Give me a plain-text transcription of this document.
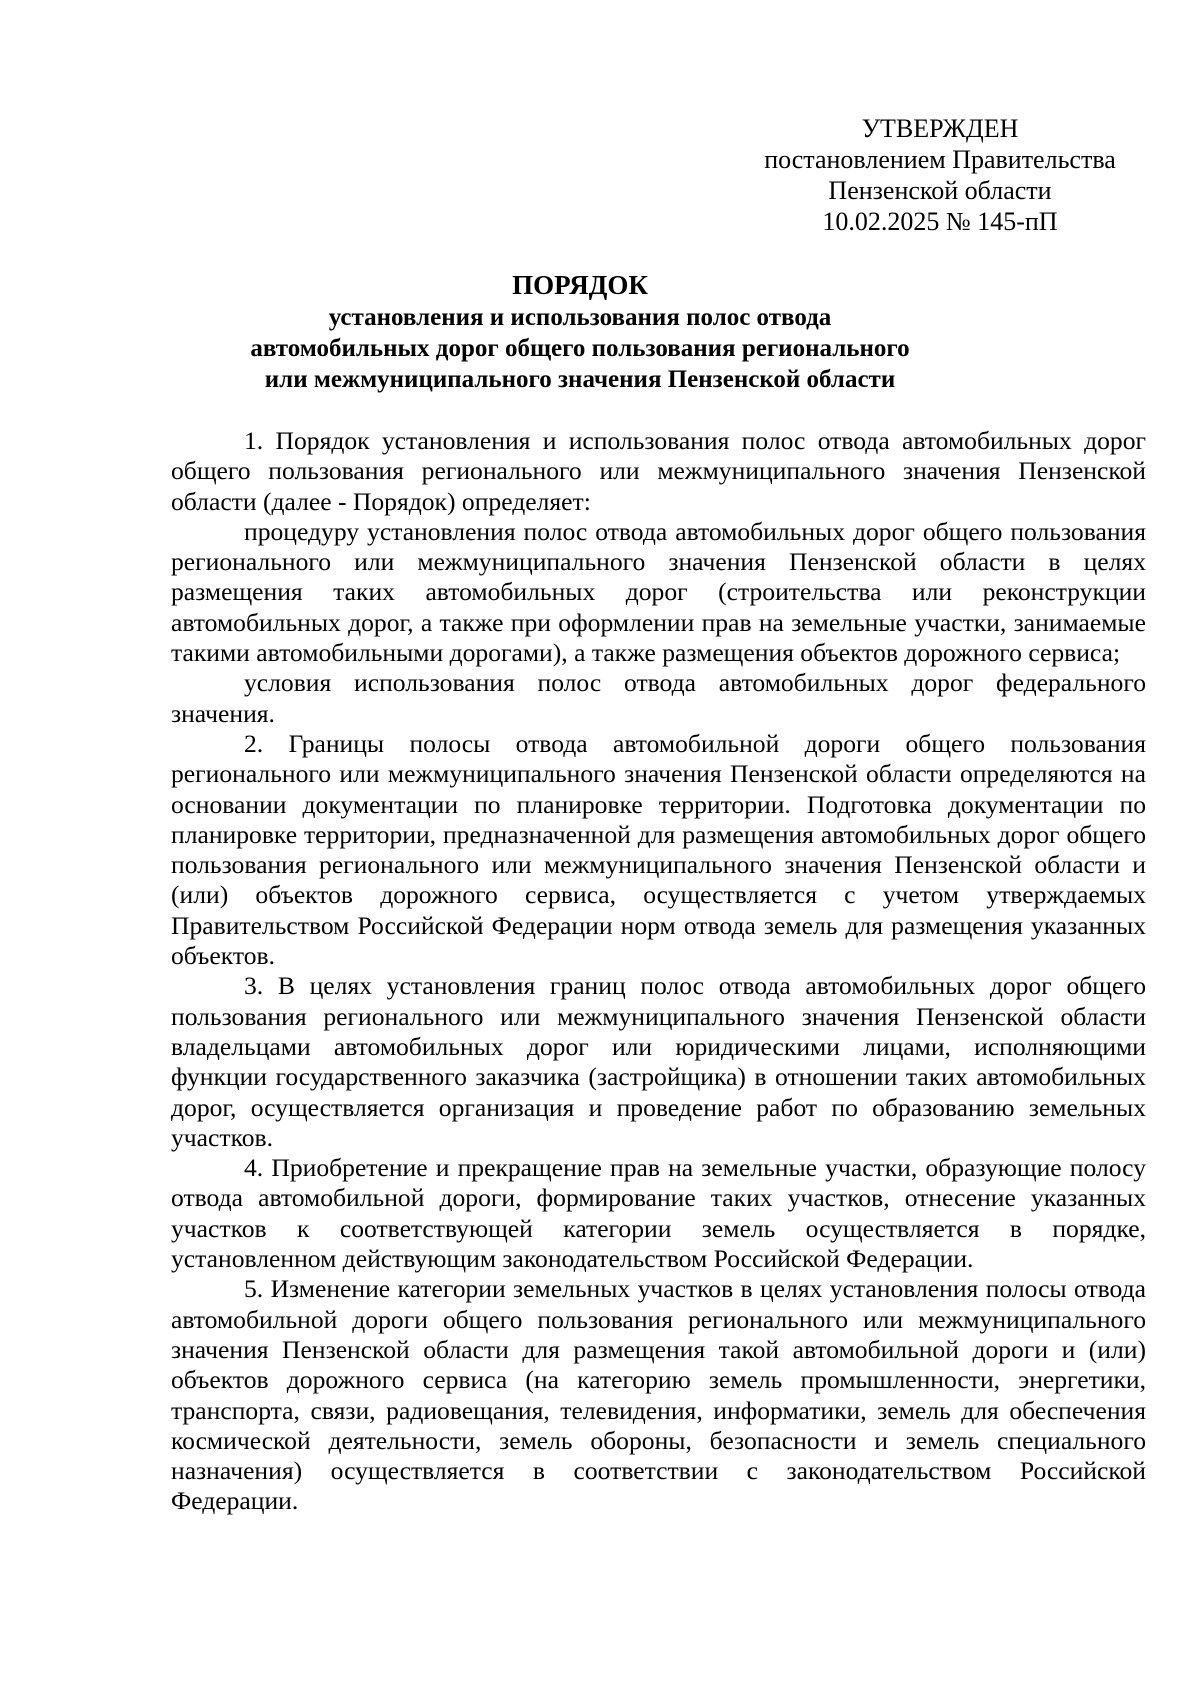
УТВЕРЖДЕН
постановлением Правительства
Пензенской области
10.02.2025 № 145-пП
ПОРЯДОК
установления и использования полос отвода
автомобильных дорог общего пользования регионального
или межмуниципального значения Пензенской области

1. Порядок установления и использования полос отвода автомобильных дорог общего пользования регионального или межмуниципального значения Пензенской области (далее - Порядок) определяет:

процедуру установления полос отвода автомобильных дорог общего пользования регионального или межмуниципального значения Пензенской области в целях размещения таких автомобильных дорог (строительства или реконструкции автомобильных дорог, а также при оформлении прав на земельные участки, занимаемые такими автомобильными дорогами), а также размещения объектов дорожного сервиса;

условия использования полос отвода автомобильных дорог федерального значения.

2. Границы полосы отвода автомобильной дороги общего пользования регионального или межмуниципального значения Пензенской области определяются на основании документации по планировке территории. Подготовка документации по планировке территории, предназначенной для размещения автомобильных дорог общего пользования регионального или межмуниципального значения Пензенской области и (или) объектов дорожного сервиса, осуществляется с учетом утверждаемых Правительством Российской Федерации норм отвода земель для размещения указанных объектов.

3. В целях установления границ полос отвода автомобильных дорог общего пользования регионального или межмуниципального значения Пензенской области владельцами автомобильных дорог или юридическими лицами, исполняющими функции государственного заказчика (застройщика) в отношении таких автомобильных дорог, осуществляется организация и проведение работ по образованию земельных участков.

4. Приобретение и прекращение прав на земельные участки, образующие полосу отвода автомобильной дороги, формирование таких участков, отнесение указанных участков к соответствующей категории земель осуществляется в порядке, установленном действующим законодательством Российской Федерации.

5. Изменение категории земельных участков в целях установления полосы отвода автомобильной дороги общего пользования регионального или межмуниципального значения Пензенской области для размещения такой автомобильной дороги и (или) объектов дорожного сервиса (на категорию земель промышленности, энергетики, транспорта, связи, радиовещания, телевидения, информатики, земель для обеспечения космической деятельности, земель обороны, безопасности и земель специального назначения) осуществляется в соответствии с законодательством Российской Федерации.
